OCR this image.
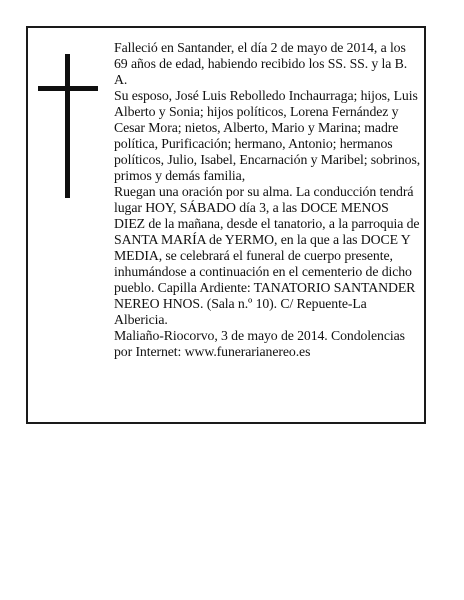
Falleció en Santander, el día 2 de mayo de 2014, a los 69 años de edad, habiendo recibido los SS. SS. y la B. A.

Su esposo, José Luis Rebolledo Inchaurraga; hijos, Luis Alberto y Sonia; hijos políticos, Lorena Fernández y Cesar Mora; nietos, Alberto, Mario y Marina; madre política, Purificación; hermano, Antonio; hermanos políticos, Julio, Isabel, Encarnación y Maribel; sobrinos, primos y demás familia,

Ruegan una oración por su alma. La conducción tendrá lugar HOY, SÁBADO día 3, a las DOCE MENOS DIEZ de la mañana, desde el tanatorio, a la parroquia de SANTA MARÍA de YERMO, en la que a las DOCE Y MEDIA, se celebrará el funeral de cuerpo presente, inhumándose a continuación en el cementerio de dicho pueblo. Capilla Ardiente: TANATORIO SANTANDER NEREO HNOS. (Sala n.º 10). C/ Repuente-La Albericia.

Maliaño-Riocorvo, 3 de mayo de 2014. Condolencias por Internet: www.funerarianereo.es
